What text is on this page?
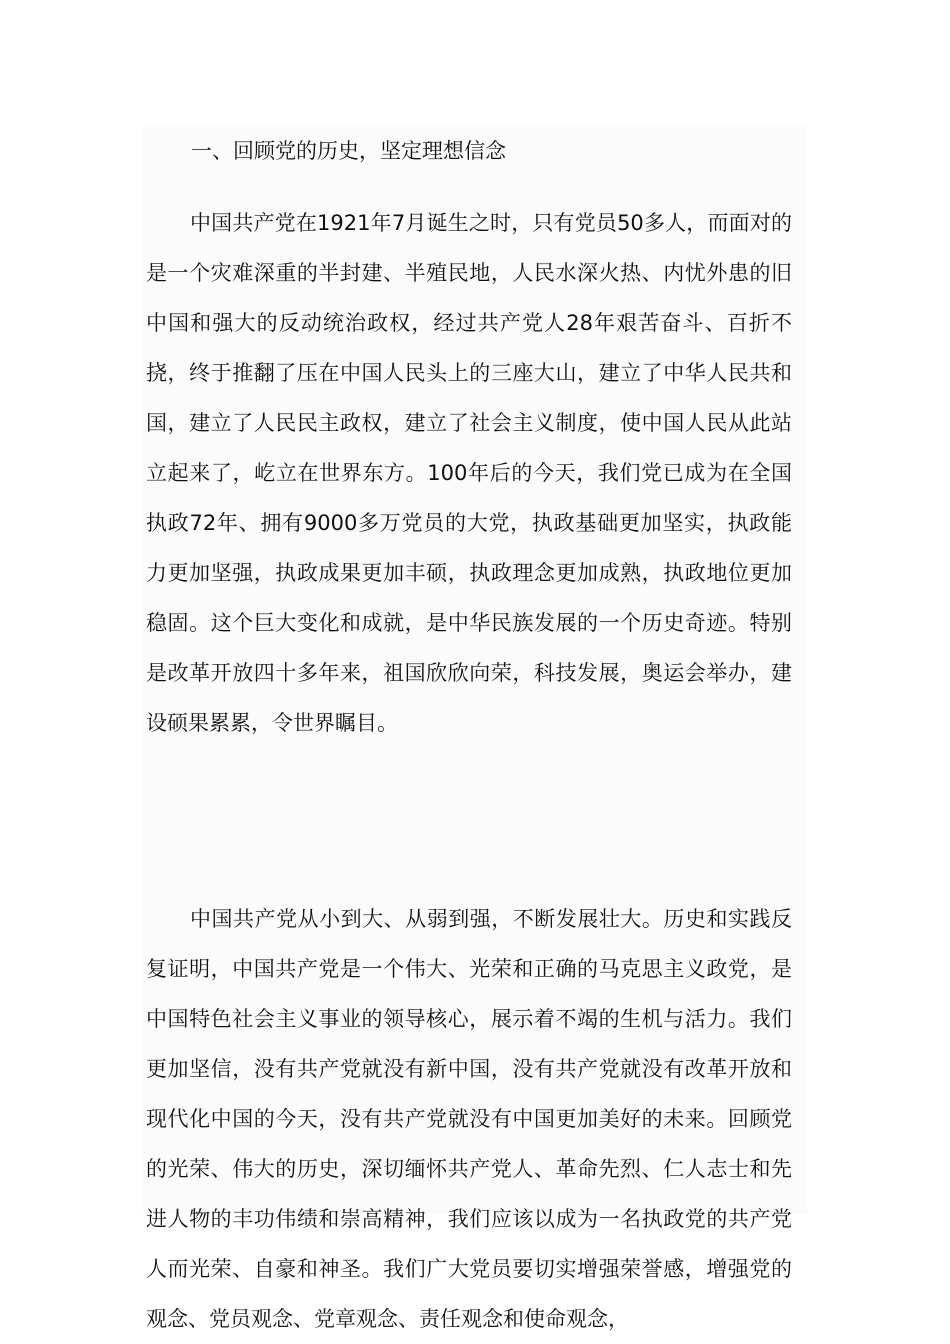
一、回顾党的历史，坚定理想信念

中国共产党在1921年7月诞生之时，只有党员50多人，而面对的是一个灾难深重的半封建、半殖民地，人民水深火热、内忧外患的旧中国和强大的反动统治政权，经过共产党人28年艰苦奋斗、百折不挠，终于推翻了压在中国人民头上的三座大山，建立了中华人民共和国，建立了人民民主政权，建立了社会主义制度，使中国人民从此站立起来了，屹立在世界东方。100年后的今天，我们党已成为在全国执政72年、拥有9000多万党员的大党，执政基础更加坚实，执政能力更加坚强，执政成果更加丰硕，执政理念更加成熟，执政地位更加稳固。这个巨大变化和成就，是中华民族发展的一个历史奇迹。特别是改革开放四十多年来，祖国欣欣向荣，科技发展，奥运会举办，建设硕果累累，令世界瞩目。

中国共产党从小到大、从弱到强，不断发展壮大。历史和实践反复证明，中国共产党是一个伟大、光荣和正确的马克思主义政党，是中国特色社会主义事业的领导核心，展示着不竭的生机与活力。我们更加坚信，没有共产党就没有新中国，没有共产党就没有改革开放和现代化中国的今天，没有共产党就没有中国更加美好的未来。回顾党的光荣、伟大的历史，深切缅怀共产党人、革命先烈、仁人志士和先进人物的丰功伟绩和崇高精神，我们应该以成为一名执政党的共产党人而光荣、自豪和神圣。我们广大党员要切实增强荣誉感，增强党的观念、党员观念、党章观念、责任观念和使命观念，
